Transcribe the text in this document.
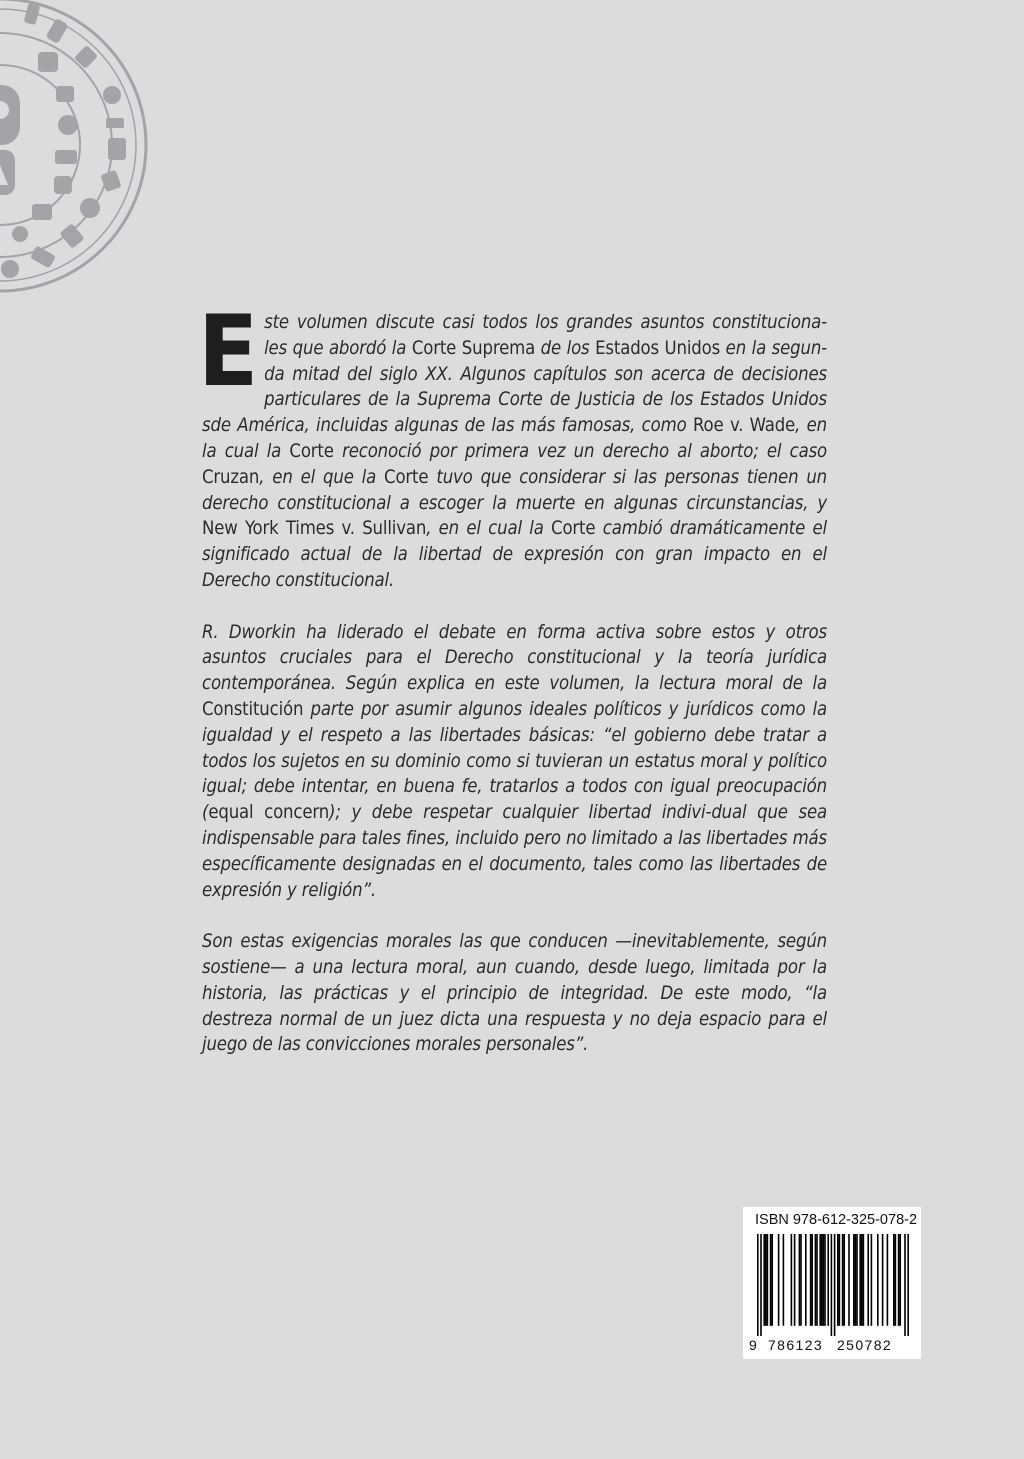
Este volumen discute casi todos los grandes asuntos constituciona-les que abordó la Corte Suprema de los Estados Unidos en la segun-da mitad del siglo XX. Algunos capítulos son acerca de decisiones particulares de la Suprema Corte de Justicia de los Estados Unidos sde América, incluidas algunas de las más famosas, como Roe v. Wade, en la cual la Corte reconoció por primera vez un derecho al aborto; el caso Cruzan, en el que la Corte tuvo que considerar si las personas tienen un derecho constitucional a escoger la muerte en algunas circunstancias, y New York Times v. Sullivan, en el cual la Corte cambió dramáticamente el significado actual de la libertad de expresión con gran impacto en el Derecho constitucional.

R. Dworkin ha liderado el debate en forma activa sobre estos y otros asuntos cruciales para el Derecho constitucional y la teoría jurídica contemporánea. Según explica en este volumen, la lectura moral de la Constitución parte por asumir algunos ideales políticos y jurídicos como la igualdad y el respeto a las libertades básicas: “el gobierno debe tratar a todos los sujetos en su dominio como si tuvieran un estatus moral y político igual; debe intentar, en buena fe, tratarlos a todos con igual preocupación (equal concern); y debe respetar cualquier libertad indivi-dual que sea indispensable para tales fines, incluido pero no limitado a las libertades más específicamente designadas en el documento, tales como las libertades de expresión y religión”.

Son estas exigencias morales las que conducen —inevitablemente, según sostiene— a una lectura moral, aun cuando, desde luego, limitada por la historia, las prácticas y el principio de integridad. De este modo, “la destreza normal de un juez dicta una respuesta y no deja espacio para el juego de las convicciones morales personales”.

ISBN 978-612-325-078-2
9 786123 250782
